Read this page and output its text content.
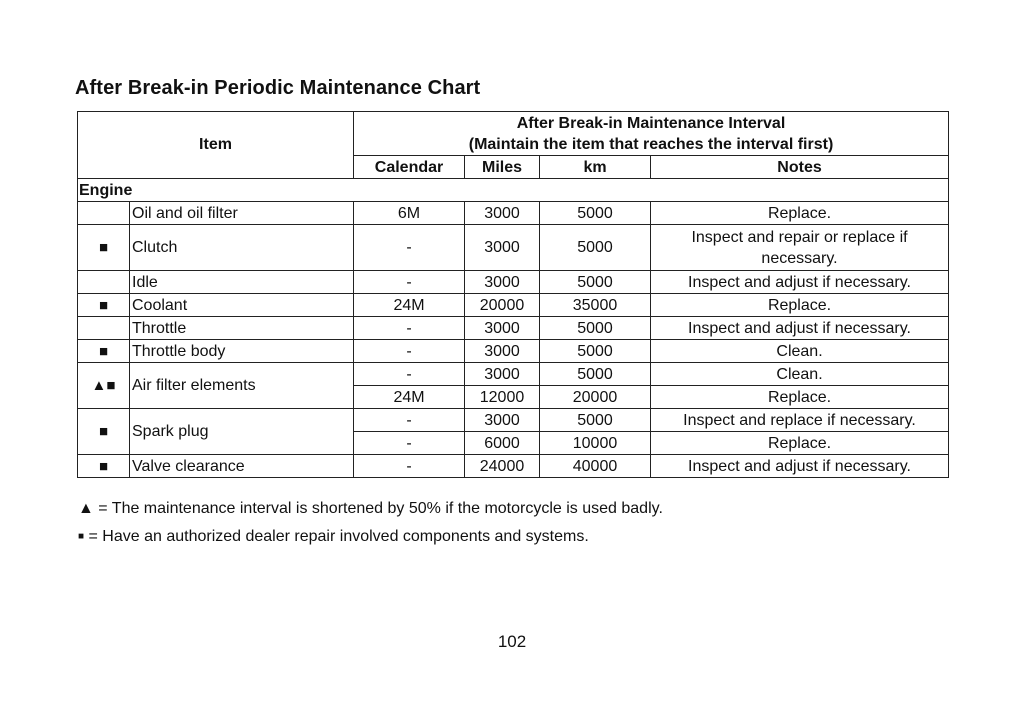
After Break-in Periodic Maintenance Chart
Item		After Break-in Maintenance Interval
(Maintain the item that reaches the interval first)			

		Calendar	Miles	km	Notes
Engine					
	Oil and oil filter	6M	3000	5000	Replace.
■	Clutch	-	3000	5000	Inspect and repair or replace if necessary.
	Idle	-	3000	5000	Inspect and adjust if necessary.
■	Coolant	24M	20000	35000	Replace.
	Throttle	-	3000	5000	Inspect and adjust if necessary.
■	Throttle body	-	3000	5000	Clean.
▲■	Air filter elements	-	3000	5000	Clean.
		24M	12000	20000	Replace.
■	Spark plug	-	3000	5000	Inspect and replace if necessary.
		-	6000	10000	Replace.
■	Valve clearance	-	24000	40000	Inspect and adjust if necessary.
▲ = The maintenance interval is shortened by 50% if the motorcycle is used badly.
■ = Have an authorized dealer repair involved components and systems.
102
